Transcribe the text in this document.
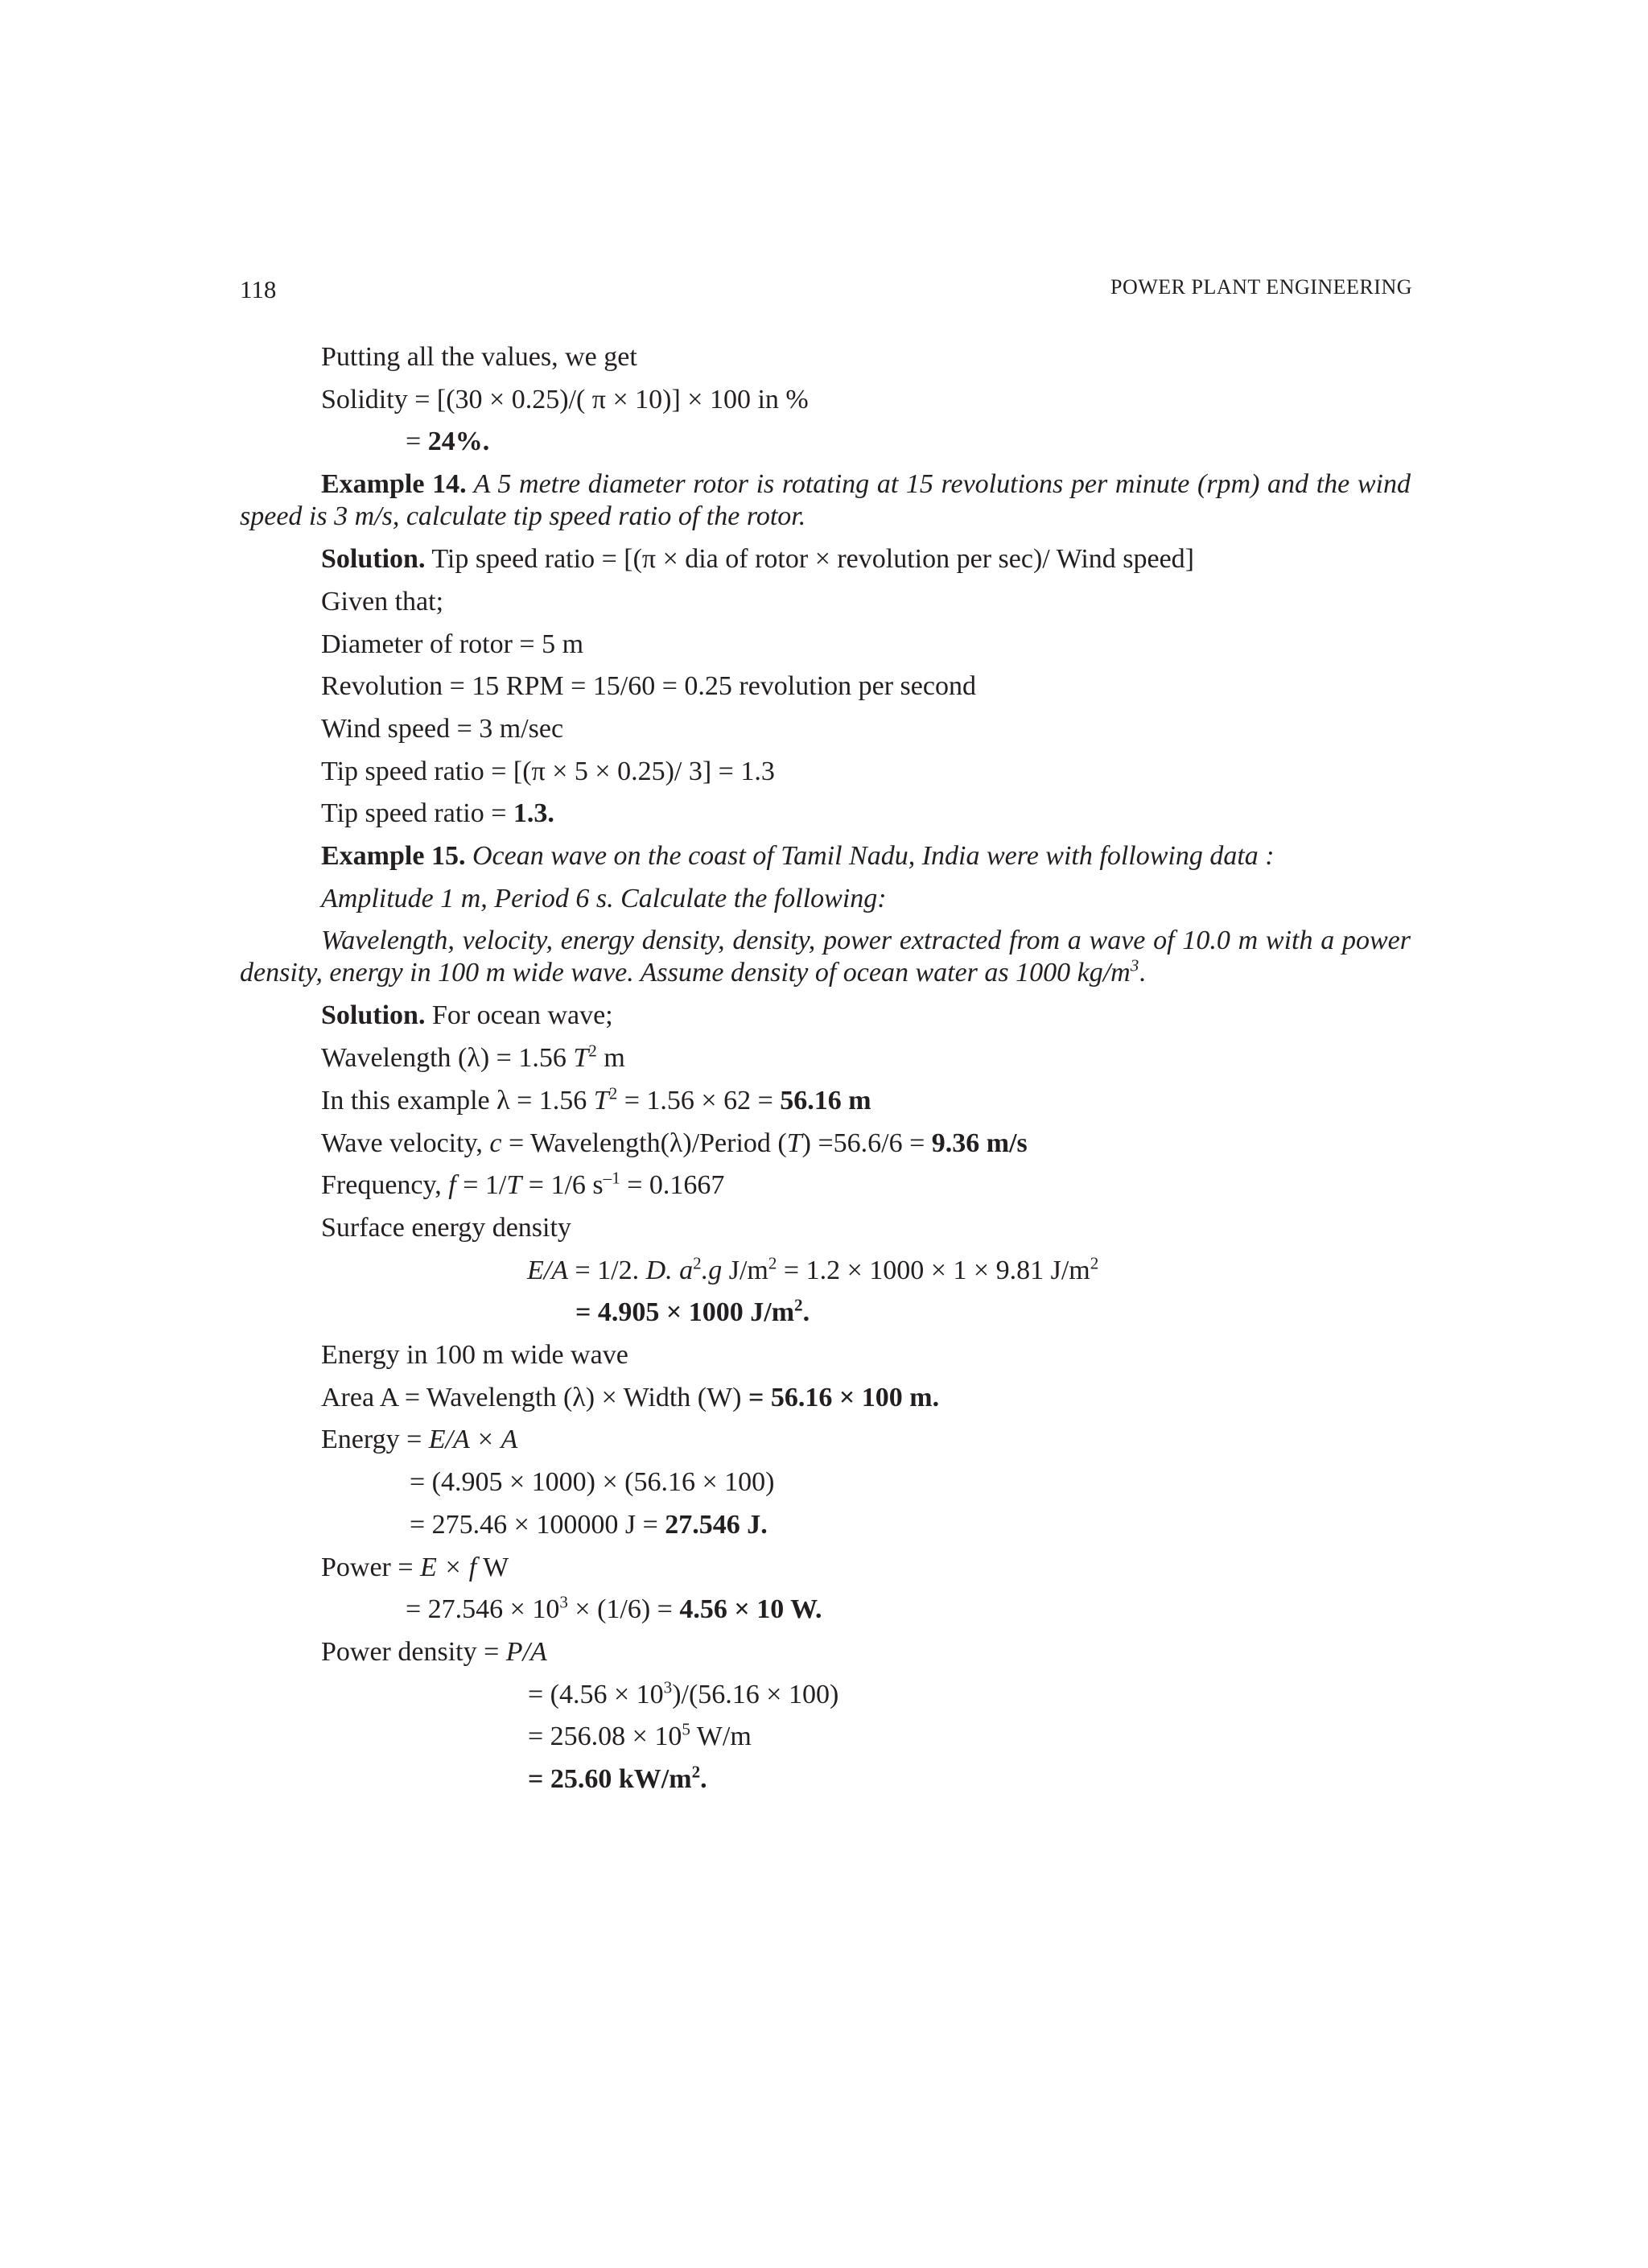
118	POWER PLANT ENGINEERING
Putting all the values, we get
Solidity = [(30 × 0.25)/( π × 10)] × 100 in %
= 24%.
Example 14. A 5 metre diameter rotor is rotating at 15 revolutions per minute (rpm) and the wind speed is 3 m/s, calculate tip speed ratio of the rotor.
Solution. Tip speed ratio = [(π × dia of rotor × revolution per sec)/ Wind speed]
Given that;
Diameter of rotor = 5 m
Revolution = 15 RPM = 15/60 = 0.25 revolution per second
Wind speed = 3 m/sec
Tip speed ratio = [(π × 5 × 0.25)/ 3] = 1.3
Tip speed ratio = 1.3.
Example 15. Ocean wave on the coast of Tamil Nadu, India were with following data :
Amplitude 1 m, Period 6 s. Calculate the following:
Wavelength, velocity, energy density, density, power extracted from a wave of 10.0 m with a power density, energy in 100 m wide wave. Assume density of ocean water as 1000 $kg/m^3$.
Solution. For ocean wave;
Wavelength (λ) = 1.56 $T^2$ m
In this example λ = 1.56 $T^2 = 1.56 \times 62 = 56.16$ m
Wave velocity, c = Wavelength(λ)/Period (T) =56.6/6 = 9.36 m/s
Frequency, f = 1/T = 1/6 $s^{-1} = 0.1667$
Surface energy density
E/A = 1/2. D. $a^2.g$ $J/m^2 = 1.2 \times 1000 \times 1 \times 9.81$ $J/m^2$
= 4.905 × 1000 $J/m^2$.
Energy in 100 m wide wave
Area A = Wavelength (λ) × Width (W) = 56.16 × 100 m.
Energy = E/A × A
= (4.905 × 1000) × (56.16 × 100)
= 275.46 × 100000 J = 27.546 J.
Power = E × f W
= $27.546 \times 10^3 \times (1/6) = 4.56 \times 10$ W.
Power density = P/A
= $(4.56 \times 10^3)/(56.16 \times 100)$
= $256.08 \times 10^5$ W/m
= 25.60 $kW/m^2$.
